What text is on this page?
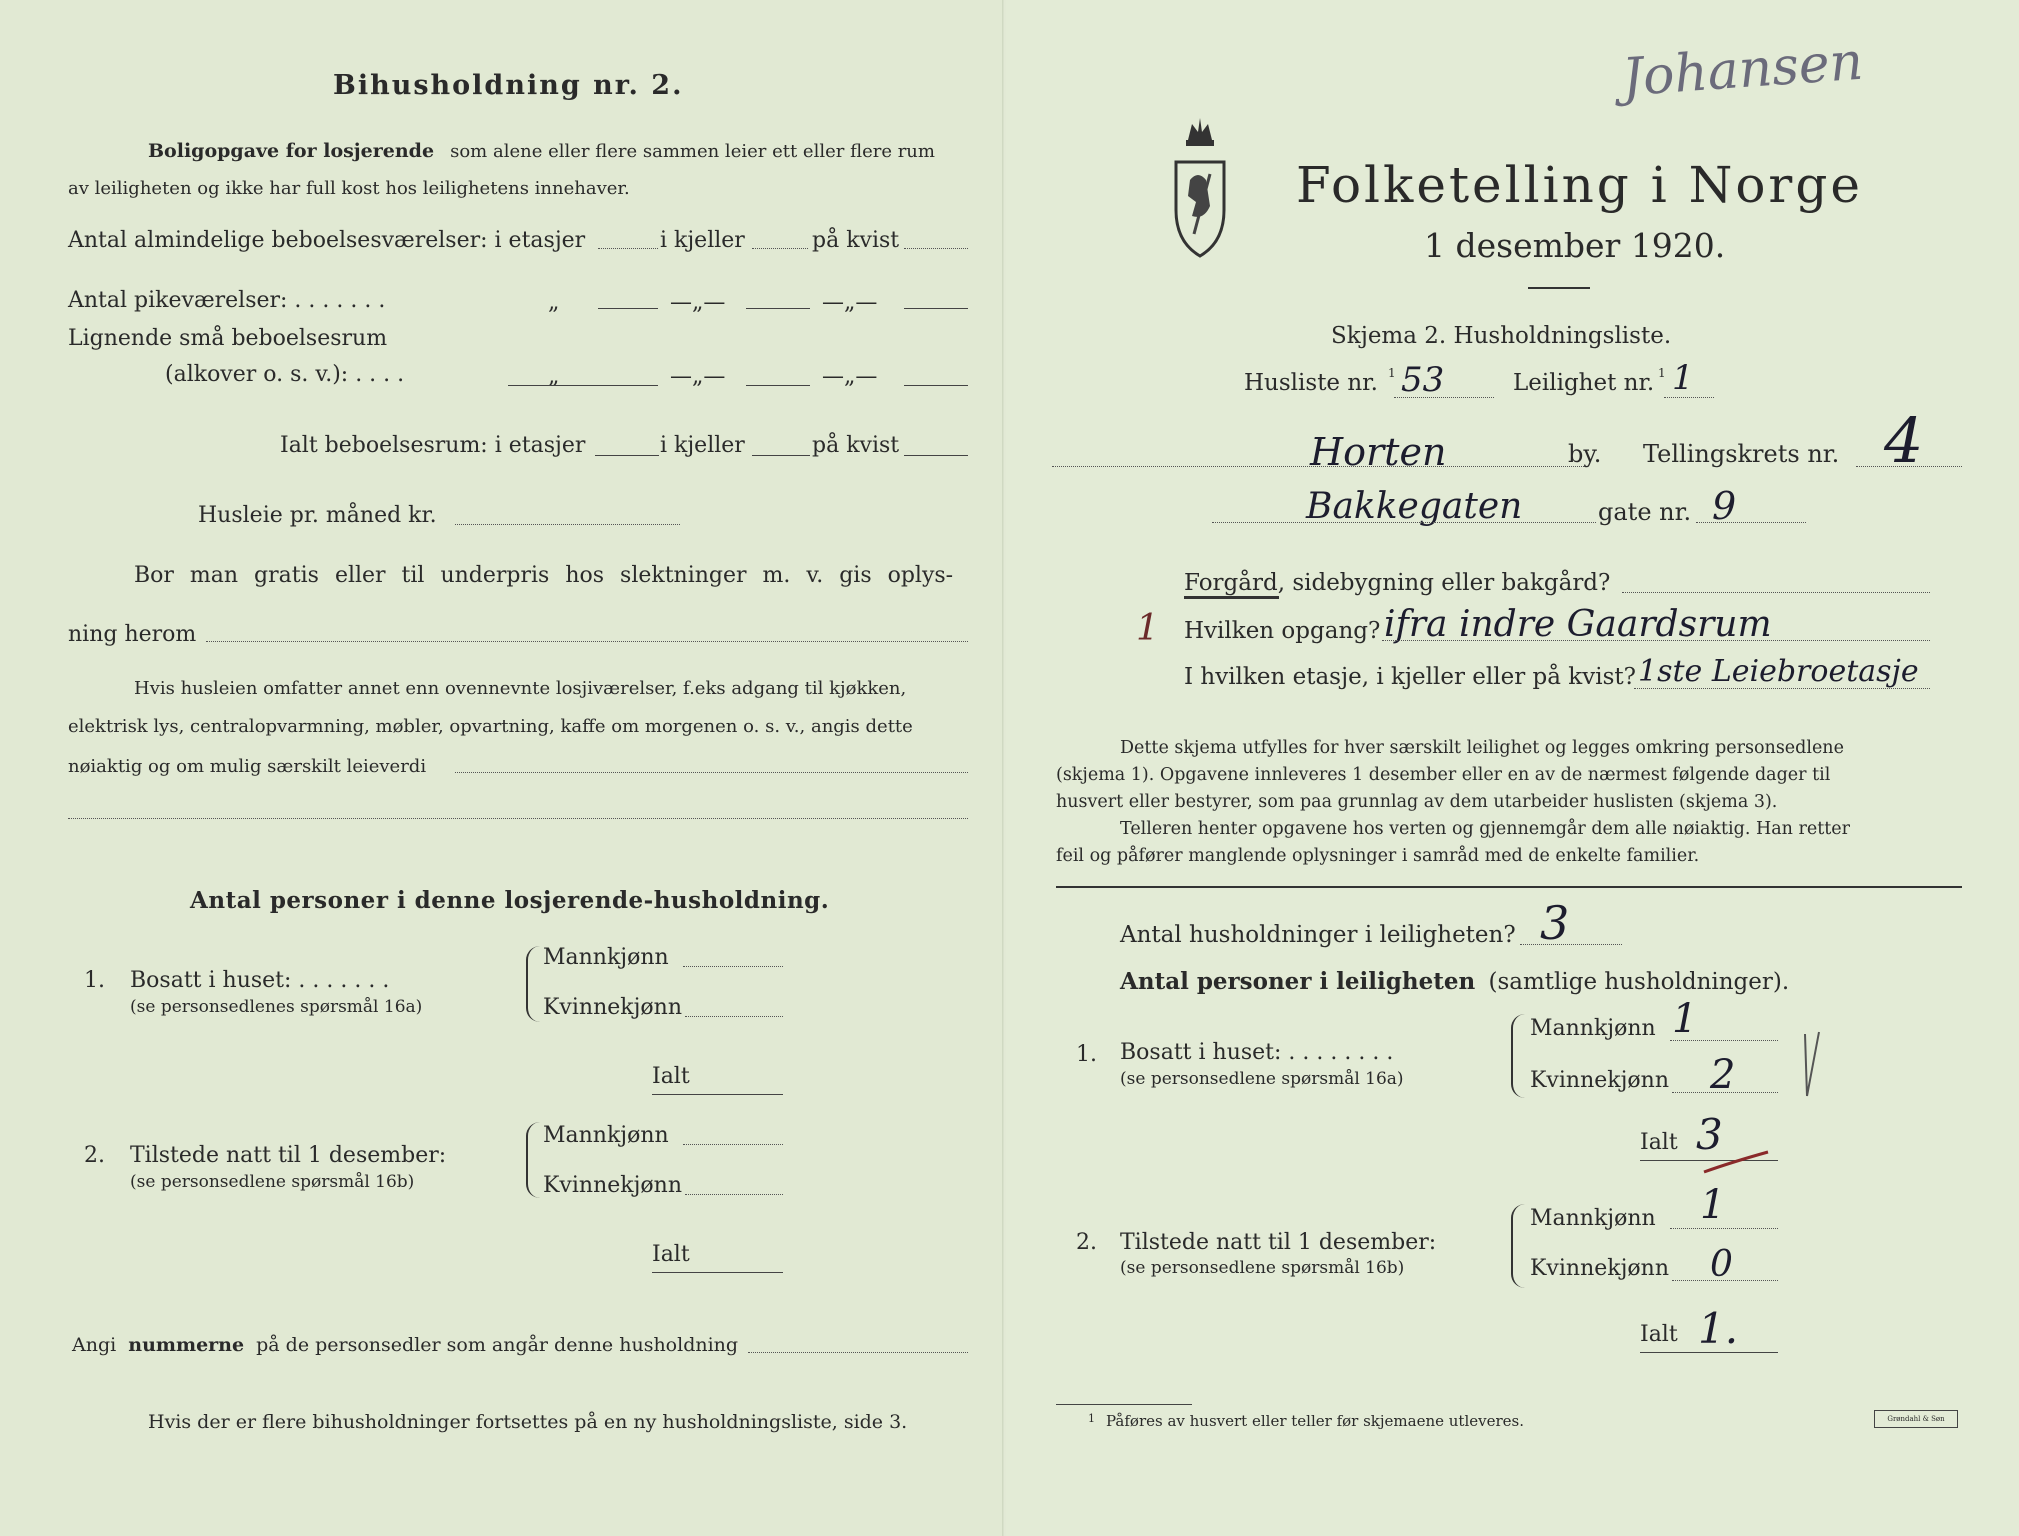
Bihusholdning nr. 2.
Boligopgave for losjerende som alene eller flere sammen leier ett eller flere rum
av leiligheten og ikke har full kost hos leilighetens innehaver.
Antal almindelige beboelsesværelser: i etasjer	i kjeller	på kvist
Antal pikeværelser: . . . . . . .	„	—„—	—„—
Lignende små beboelsesrum
(alkover o. s. v.): . . . .	„	—„—	—„—
Ialt beboelsesrum: i etasjer	i kjeller	på kvist
Husleie pr. måned kr.
Bor man gratis eller til underpris hos slektninger m. v. gis oplys-
ning herom
Hvis husleien omfatter annet enn ovennevnte losjiværelser, f.eks adgang til kjøkken,
elektrisk lys, centralopvarmning, møbler, opvartning, kaffe om morgenen o. s. v., angis dette
nøiaktig og om mulig særskilt leieverdi
Antal personer i denne losjerende-husholdning.
1. Bosatt i huset: . . . . . . .
(se personsedlenes spørsmål 16a)
Mannkjønn
Kvinnekjønn
Ialt
2. Tilstede natt til 1 desember:
(se personsedlene spørsmål 16b)
Mannkjønn
Kvinnekjønn
Ialt
Angi nummerne på de personsedler som angår denne husholdning
Hvis der er flere bihusholdninger fortsettes på en ny husholdningsliste, side 3.
Johansen
Folketelling i Norge
1 desember 1920.
Skjema 2. Husholdningsliste.
Husliste nr. 1 53	Leilighet nr. 1 1
Horten	by. Tellingskrets nr. 4
Bakkegaten	gate nr. 9
Forgård, sidebygning eller bakgård?
1 Hvilken opgang? ifra indre Gaardsrum
I hvilken etasje, i kjeller eller på kvist? 1ste Leiebroetasje
Dette skjema utfylles for hver særskilt leilighet og legges omkring personsedlene
(skjema 1). Opgavene innleveres 1 desember eller en av de nærmest følgende dager til
husvert eller bestyrer, som paa grunnlag av dem utarbeider huslisten (skjema 3).
Telleren henter opgavene hos verten og gjennemgår dem alle nøiaktig. Han retter
feil og påfører manglende oplysninger i samråd med de enkelte familier.
Antal husholdninger i leiligheten? 3
Antal personer i leiligheten (samtlige husholdninger).
1. Bosatt i huset: . . . . . . . .
(se personsedlene spørsmål 16a)
Mannkjønn 1
Kvinnekjønn 2
Ialt 3
2. Tilstede natt til 1 desember:
(se personsedlene spørsmål 16b)
Mannkjønn 1
Kvinnekjønn 0
Ialt 1.
1 Påføres av husvert eller teller før skjemaene utleveres.	Grøndahl & Søn
